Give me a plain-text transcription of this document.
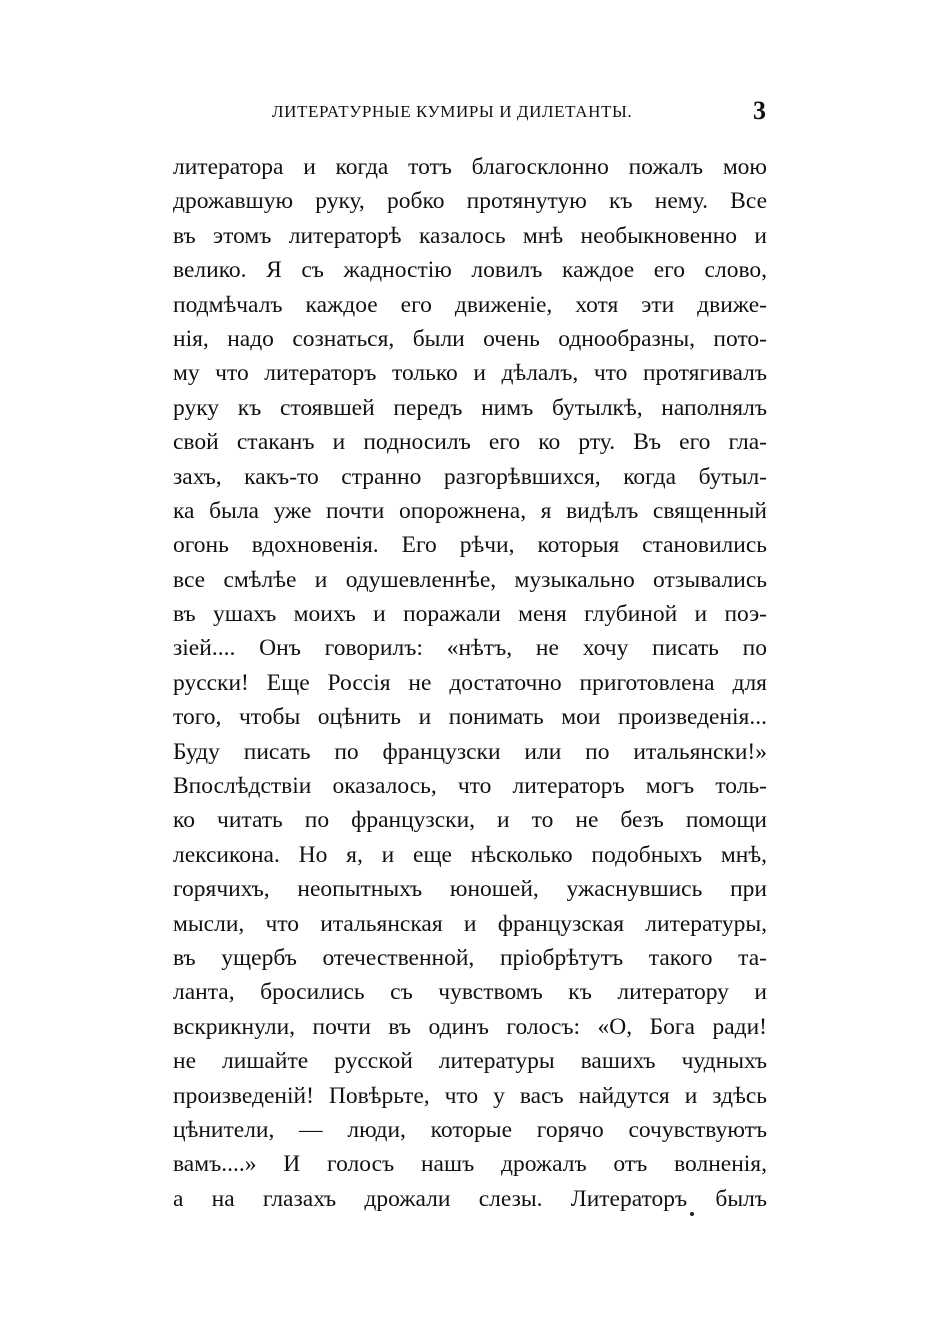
ЛИТЕРАТУРНЫЕ КУМИРЫ И ДИЛЕТАНТЫ.	3
литератора и когда тотъ благосклонно пожалъ мою
дрожавшую руку, робко протянутую къ нему. Все
въ этомъ литераторѣ казалось мнѣ необыкновенно и
велико. Я съ жадностію ловилъ каждое его слово,
подмѣчалъ каждое его движеніе, хотя эти движе-
нія, надо сознаться, были очень однообразны, пото-
му что литераторъ только и дѣлалъ, что протягивалъ
руку къ стоявшей передъ нимъ бутылкѣ, наполнялъ
свой стаканъ и подносилъ его ко рту. Въ его гла-
захъ, какъ-то странно разгорѣвшихся, когда бутыл-
ка была уже почти опорожнена, я видѣлъ священный
огонь вдохновенія. Его рѣчи, которыя становились
все смѣлѣе и одушевленнѣе, музыкально отзывались
въ ушахъ моихъ и поражали меня глубиной и поэ-
зіей.... Онъ говорилъ: «нѣтъ, не хочу писать по
русски! Еще Россія не достаточно приготовлена для
того, чтобы оцѣнить и понимать мои произведенія...
Буду писать по французски или по итальянски!»
Впослѣдствіи оказалось, что литераторъ могъ толь-
ко читать по французски, и то не безъ помощи
лексикона. Но я, и еще нѣсколько подобныхъ мнѣ,
горячихъ, неопытныхъ юношей, ужаснувшись при
мысли, что итальянская и французская литературы,
въ ущербъ отечественной, пріобрѣтутъ такого та-
ланта, бросились съ чувствомъ къ литератору и
вскрикнули, почти въ одинъ голосъ: «О, Бога ради!
не лишайте русской литературы вашихъ чудныхъ
произведеній! Повѣрьте, что у васъ найдутся и здѣсь
цѣнители, — люди, которые горячо сочувствуютъ
вамъ....» И голосъ нашъ дрожалъ отъ волненія,
а на глазахъ дрожали слезы. Литераторъ былъ
